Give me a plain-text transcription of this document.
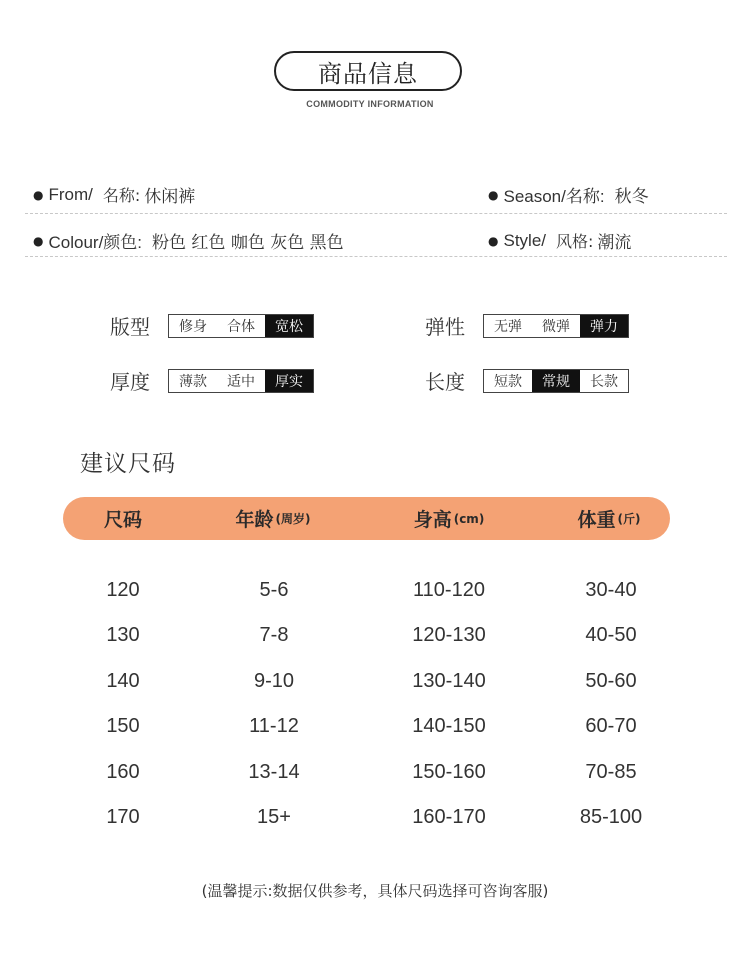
商品信息
COMMODITY INFORMATION
● From/ 名称: 休闲裤	● Season/名称: 秋冬
● Colour/颜色: 粉色 红色 咖色 灰色 黑色	● Style/ 风格: 潮流
版型	修身	合体	宽松	弹性	无弹	微弹	弹力
厚度	薄款	适中	厚实	长度	短款	常规	长款
建议尺码
尺码	年龄 (周岁)	身高 (cm)	体重 (斤)
120	5-6	110-120	30-40
130	7-8	120-130	40-50
140	9-10	130-140	50-60
150	11-12	140-150	60-70
160	13-14	150-160	70-85
170	15+	160-170	85-100
(温馨提示:数据仅供参考，具体尺码选择可咨询客服)
